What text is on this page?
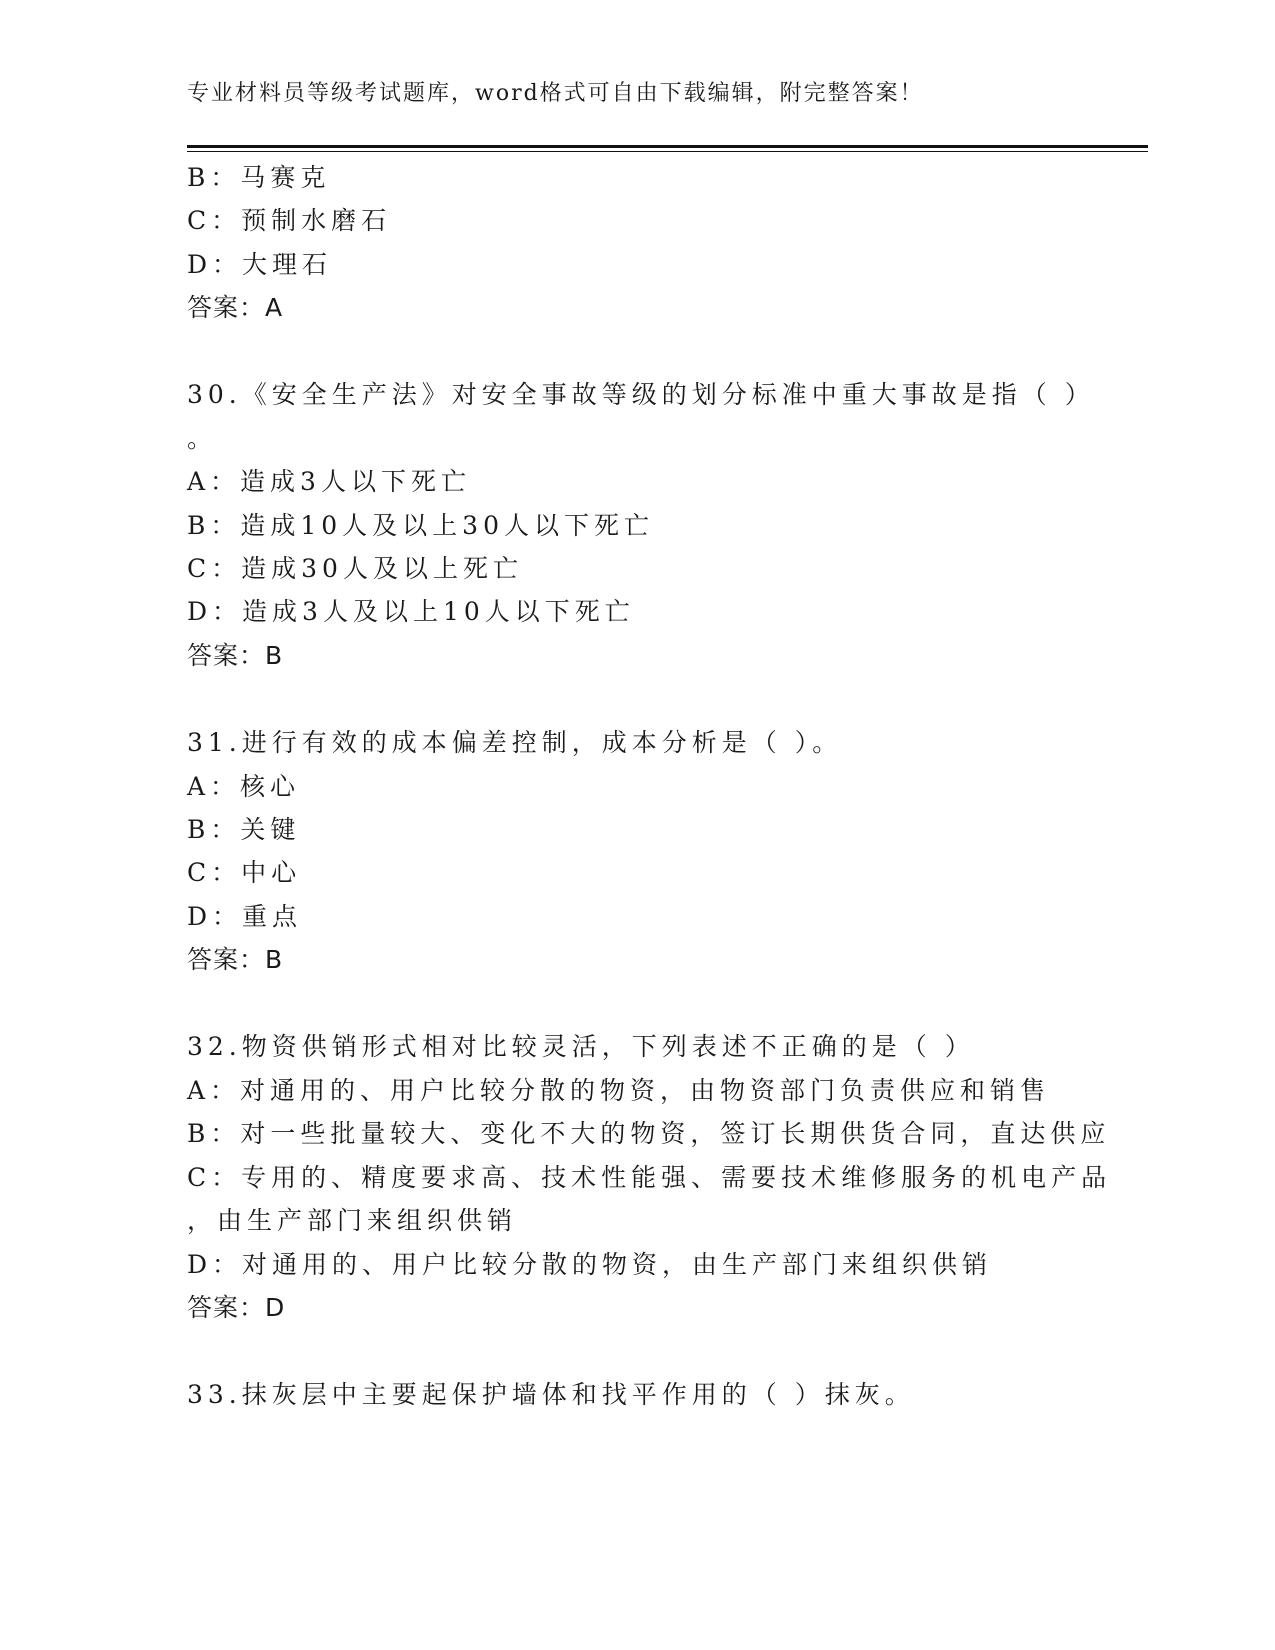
专业材料员等级考试题库，word格式可自由下载编辑，附完整答案！
B：马赛克
C：预制水磨石
D：大理石
答案：A
30.《安全生产法》对安全事故等级的划分标准中重大事故是指（ ）
。
A：造成3人以下死亡
B：造成10人及以上30人以下死亡
C：造成30人及以上死亡
D：造成3人及以上10人以下死亡
答案：B
31.进行有效的成本偏差控制，成本分析是（ ）。
A：核心
B：关键
C：中心
D：重点
答案：B
32.物资供销形式相对比较灵活，下列表述不正确的是（ ）
A：对通用的、用户比较分散的物资，由物资部门负责供应和销售
B：对一些批量较大、变化不大的物资，签订长期供货合同，直达供应
C：专用的、精度要求高、技术性能强、需要技术维修服务的机电产品
，由生产部门来组织供销
D：对通用的、用户比较分散的物资，由生产部门来组织供销
答案：D
33.抹灰层中主要起保护墙体和找平作用的（ ）抹灰。
